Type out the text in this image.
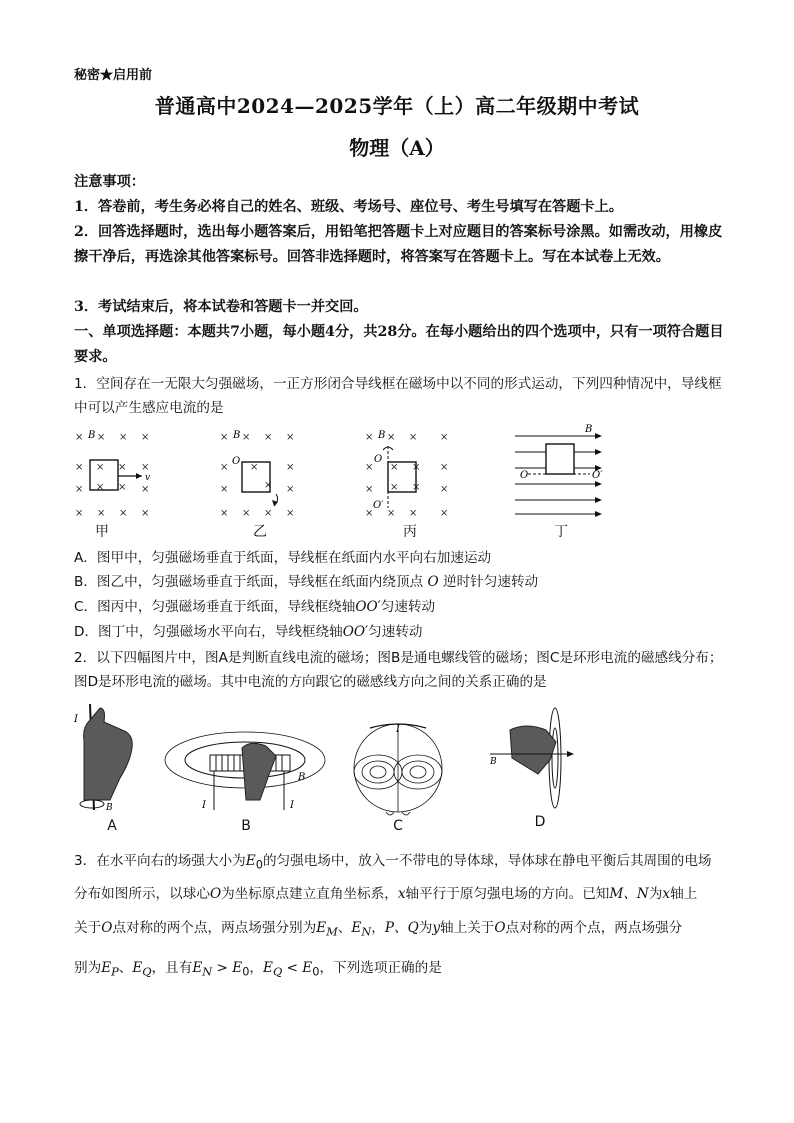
秘密★启用前
普通高中2024—2025学年（上）高二年级期中考试
物理（A）
注意事项：
1．答卷前，考生务必将自己的姓名、班级、考场号、座位号、考生号填写在答题卡上。
2．回答选择题时，选出每小题答案后，用铅笔把答题卡上对应题目的答案标号涂黑。如需改动，用橡皮擦干净后，再选涂其他答案标号。回答非选择题时，将答案写在答题卡上。写在本试卷上无效。
3．考试结束后，将本试卷和答题卡一并交回。
一、单项选择题：本题共7小题，每小题4分，共28分。在每小题给出的四个选项中，只有一项符合题目要求。
1．空间存在一无限大匀强磁场，一正方形闭合导线框在磁场中以不同的形式运动，下列四种情况中，导线框中可以产生感应电流的是
× × × ×
×	×
×	×
× × × ×
× ×
× ×
B
v
× × × ×
×	×
×	×
× × × ×
×
×
B
O
× × × ×
×	×
×	×
× × × ×
× ×
× ×
B
O
O′
B
O	O′
甲	乙	丙	丁
A．图甲中，匀强磁场垂直于纸面，导线框在纸面内水平向右加速运动
B．图乙中，匀强磁场垂直于纸面，导线框在纸面内绕顶点 O 逆时针匀速转动
C．图丙中，匀强磁场垂直于纸面，导线框绕轴OO′匀速转动
D．图丁中，匀强磁场水平向右，导线框绕轴OO′匀速转动
2．以下四幅图片中，图A是判断直线电流的磁场；图B是通电螺线管的磁场；图C是环形电流的磁感线分布；图D是环形电流的磁场。其中电流的方向跟它的磁感线方向之间的关系正确的是
I
B	I	I
B
I
B
A	B	C	D
3．在水平向右的场强大小为$E_0$的匀强电场中，放入一不带电的导体球，导体球在静电平衡后其周围的电场
分布如图所示，以球心O为坐标原点建立直角坐标系，x轴平行于原匀强电场的方向。已知M、N为x轴上
关于O点对称的两个点，两点场强分别为$E_M$、$E_N$，P、Q为y轴上关于O点对称的两个点，两点场强分
别为$E_P$、$E_Q$，且有$E_N > E_0$，$E_Q < E_0$，下列选项正确的是
